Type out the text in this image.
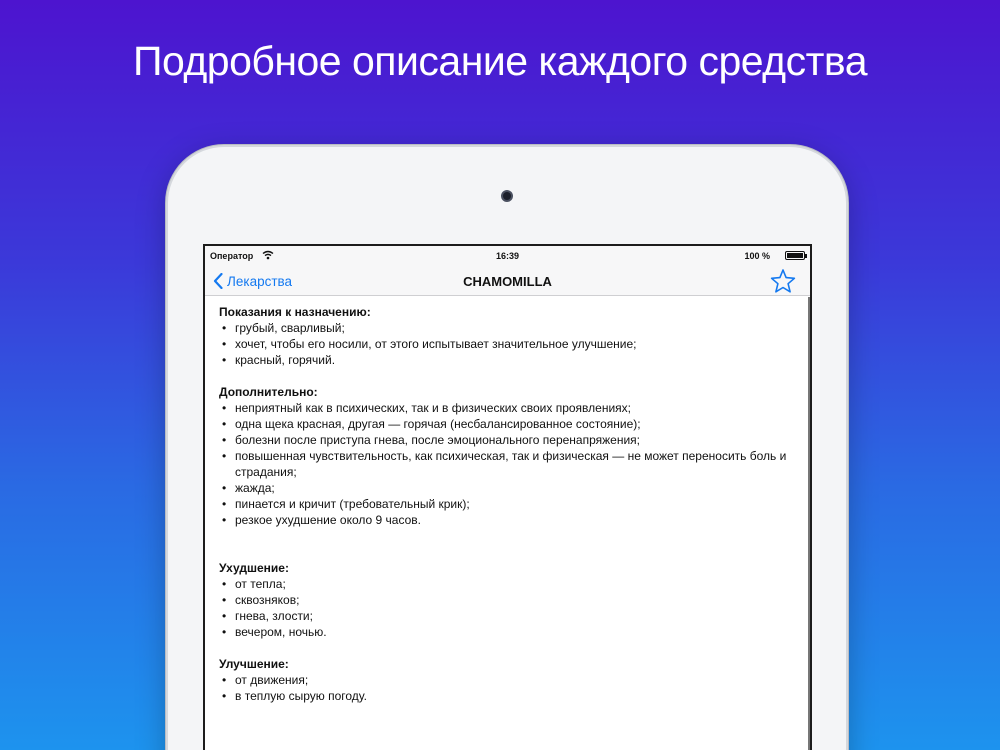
Подробное описание каждого средства
Оператор	16:39	100 %
Лекарства	CHAMOMILLA
Показания к назначению:
• грубый, сварливый;
• хочет, чтобы его носили, от этого испытывает значительное улучшение;
• красный, горячий.
Дополнительно:
• неприятный как в психических, так и в физических своих проявлениях;
• одна щека красная, другая — горячая (несбалансированное состояние);
• болезни после приступа гнева, после эмоционального перенапряжения;
• повышенная чувствительность, как психическая, так и физическая — не может переносить боль и страдания;
• жажда;
• пинается и кричит (требовательный крик);
• резкое ухудшение около 9 часов.
Ухудшение:
• от тепла;
• сквозняков;
• гнева, злости;
• вечером, ночью.
Улучшение:
• от движения;
• в теплую сырую погоду.
